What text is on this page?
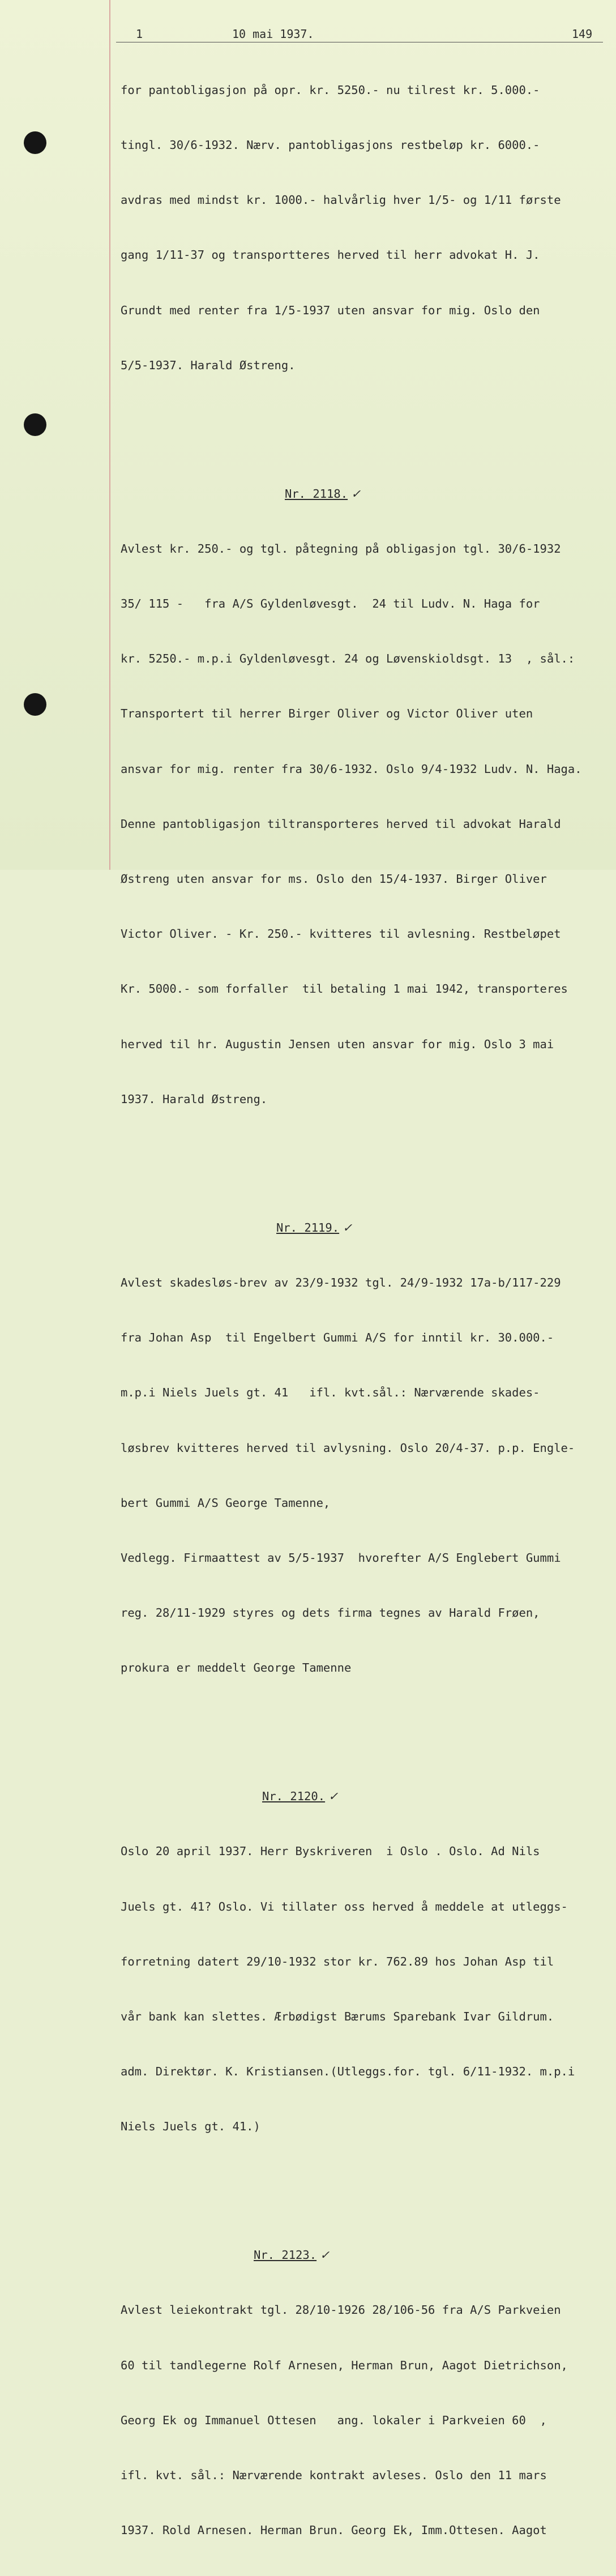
1	10 mai 1937.	149

for pantobligasjon på opr. kr. 5250.- nu tilrest kr. 5.000.-

tingl. 30/6-1932. Nærv. pantobligasjons restbeløp kr. 6000.-

avdras med mindst kr. 1000.- halvårlig hver 1/5- og 1/11 første

gang 1/11-37 og transportteres herved til herr advokat H. J.

Grundt med renter fra 1/5-1937 uten ansvar for mig. Oslo den

5/5-1937. Harald Østreng.

Nr. 2118. ✓

Avlest kr. 250.- og tgl. påtegning på obligasjon tgl. 30/6-1932

35/ 115 -   fra A/S Gyldenløvesgt.  24 til Ludv. N. Haga for

kr. 5250.- m.p.i Gyldenløvesgt. 24 og Løvenskioldsgt. 13  , sål.:

Transportert til herrer Birger Oliver og Victor Oliver uten

ansvar for mig. renter fra 30/6-1932. Oslo 9/4-1932 Ludv. N. Haga.

Denne pantobligasjon tiltransporteres herved til advokat Harald

Østreng uten ansvar for ms. Oslo den 15/4-1937. Birger Oliver

Victor Oliver. - Kr. 250.- kvitteres til avlesning. Restbeløpet

Kr. 5000.- som forfaller  til betaling 1 mai 1942, transporteres

herved til hr. Augustin Jensen uten ansvar for mig. Oslo 3 mai

1937. Harald Østreng.

Nr. 2119. ✓

Avlest skadesløs-brev av 23/9-1932 tgl. 24/9-1932 17a-b/117-229

fra Johan Asp  til Engelbert Gummi A/S for inntil kr. 30.000.-

m.p.i Niels Juels gt. 41   ifl. kvt.sål.: Nærværende skades-

løsbrev kvitteres herved til avlysning. Oslo 20/4-37. p.p. Engle-

bert Gummi A/S George Tamenne,

Vedlegg. Firmaattest av 5/5-1937  hvorefter A/S Englebert Gummi

reg. 28/11-1929 styres og dets firma tegnes av Harald Frøen,

prokura er meddelt George Tamenne

Nr. 2120. ✓

Oslo 20 april 1937. Herr Byskriveren  i Oslo . Oslo. Ad Nils

Juels gt. 41? Oslo. Vi tillater oss herved å meddele at utleggs-

forretning datert 29/10-1932 stor kr. 762.89 hos Johan Asp til

vår bank kan slettes. Ærbødigst Bærums Sparebank Ivar Gildrum.

adm. Direktør. K. Kristiansen.(Utleggs.for. tgl. 6/11-1932. m.p.i

Niels Juels gt. 41.)

Nr. 2123. ✓

Avlest leiekontrakt tgl. 28/10-1926 28/106-56 fra A/S Parkveien

60 til tandlegerne Rolf Arnesen, Herman Brun, Aagot Dietrichson,

Georg Ek og Immanuel Ottesen   ang. lokaler i Parkveien 60  ,

ifl. kvt. sål.: Nærværende kontrakt avleses. Oslo den 11 mars

1937. Rold Arnesen. Herman Brun. Georg Ek, Imm.Ottesen. Aagot
